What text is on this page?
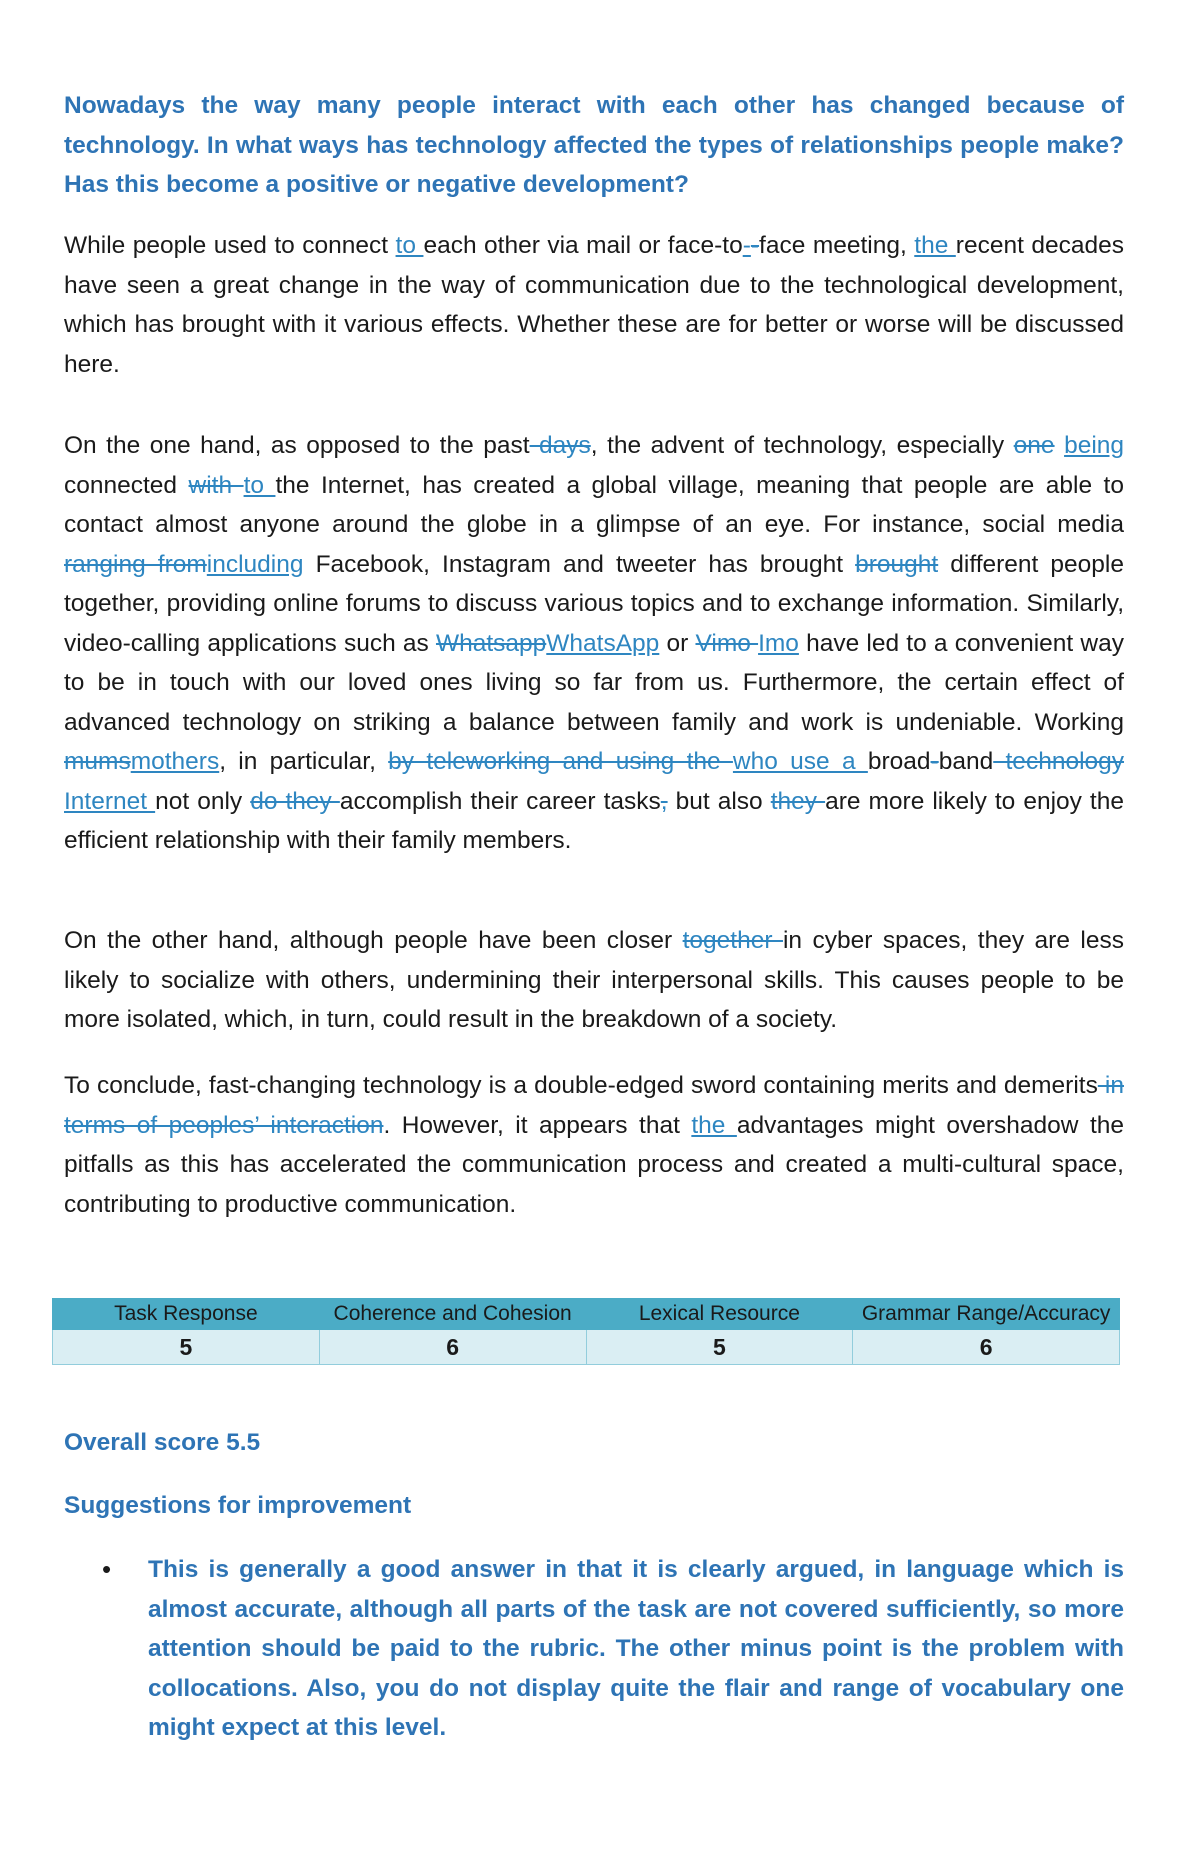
Nowadays the way many people interact with each other has changed because of technology. In what ways has technology affected the types of relationships people make? Has this become a positive or negative development?

While people used to connect to each other via mail or face-to--face meeting, the recent decades have seen a great change in the way of communication due to the technological development, which has brought with it various effects. Whether these are for better or worse will be discussed here.

On the one hand, as opposed to the past days, the advent of technology, especially one being connected with to the Internet, has created a global village, meaning that people are able to contact almost anyone around the globe in a glimpse of an eye. For instance, social media ranging fromincluding Facebook, Instagram and tweeter has brought brought different people together, providing online forums to discuss various topics and to exchange information. Similarly, video-calling applications such as WhatsappWhatsApp or Vimo Imo have led to a convenient way to be in touch with our loved ones living so far from us. Furthermore, the certain effect of advanced technology on striking a balance between family and work is undeniable. Working mumsmothers, in particular, by teleworking and using the who use a broad-band technology Internet not only do they accomplish their career tasks, but also they are more likely to enjoy the efficient relationship with their family members.

On the other hand, although people have been closer together in cyber spaces, they are less likely to socialize with others, undermining their interpersonal skills. This causes people to be more isolated, which, in turn, could result in the breakdown of a society.

To conclude, fast-changing technology is a double-edged sword containing merits and demerits in terms of peoples’ interaction. However, it appears that the advantages might overshadow the pitfalls as this has accelerated the communication process and created a multi-cultural space, contributing to productive communication.

Task Response	Coherence and Cohesion	Lexical Resource	Grammar Range/Accuracy
5	6	5	6
Overall score 5.5
Suggestions for improvement
•	This is generally a good answer in that it is clearly argued, in language which is almost accurate, although all parts of the task are not covered sufficiently, so more attention should be paid to the rubric. The other minus point is the problem with collocations. Also, you do not display quite the flair and range of vocabulary one might expect at this level.
